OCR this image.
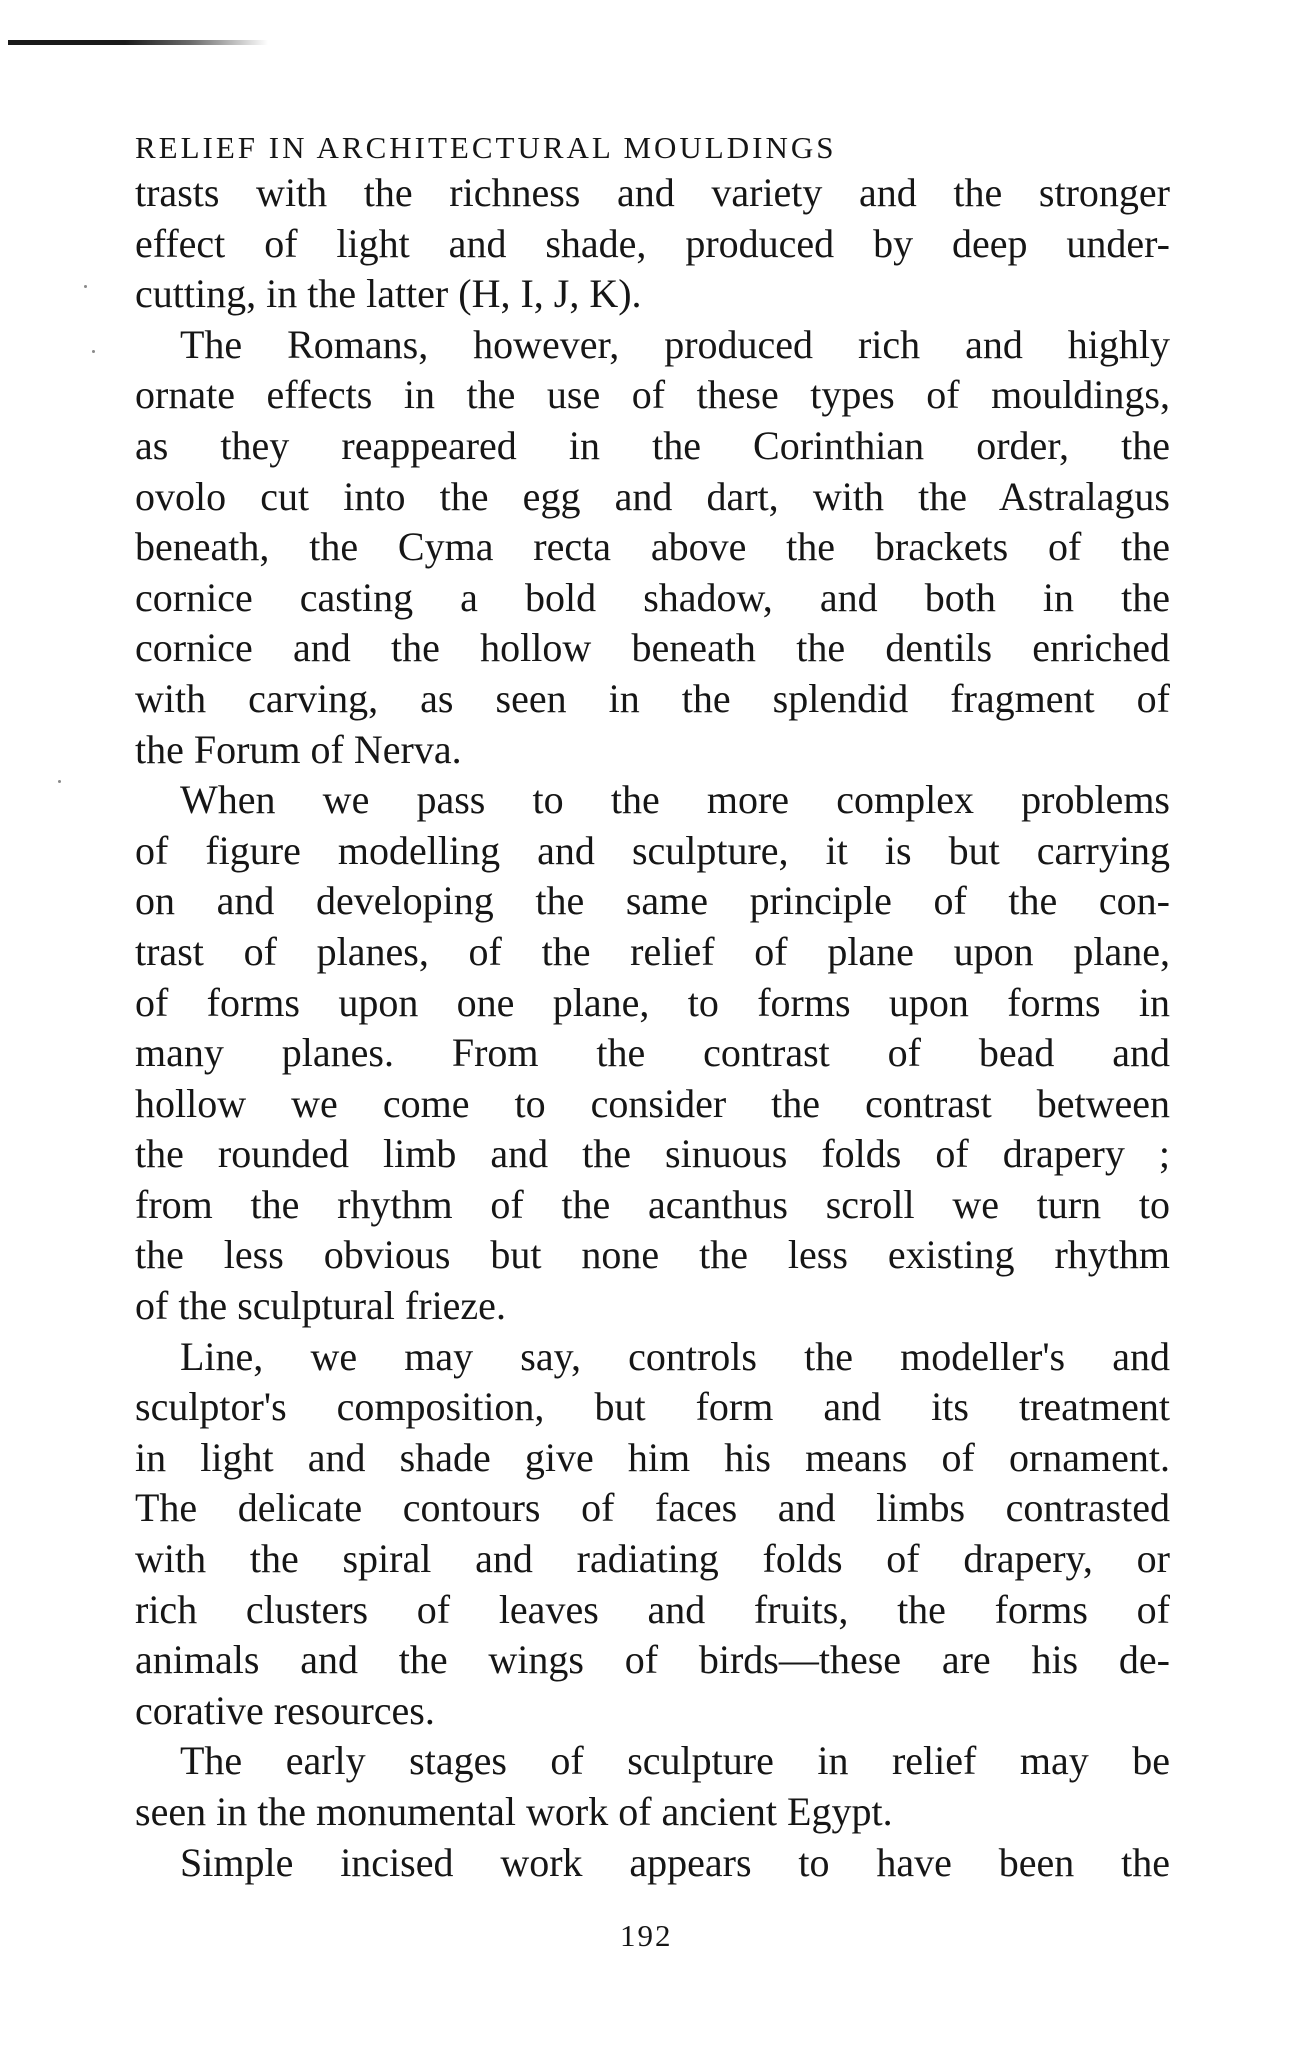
RELIEF IN ARCHITECTURAL MOULDINGS

trasts with the richness and variety and the stronger
effect of light and shade, produced by deep under-
cutting, in the latter (H, I, J, K).

The Romans, however, produced rich and highly
ornate effects in the use of these types of mouldings,
as they reappeared in the Corinthian order, the
ovolo cut into the egg and dart, with the Astralagus
beneath, the Cyma recta above the brackets of the
cornice casting a bold shadow, and both in the
cornice and the hollow beneath the dentils enriched
with carving, as seen in the splendid fragment of
the Forum of Nerva.

When we pass to the more complex problems
of figure modelling and sculpture, it is but carrying
on and developing the same principle of the con-
trast of planes, of the relief of plane upon plane,
of forms upon one plane, to forms upon forms in
many planes. From the contrast of bead and
hollow we come to consider the contrast between
the rounded limb and the sinuous folds of drapery ;
from the rhythm of the acanthus scroll we turn to
the less obvious but none the less existing rhythm
of the sculptural frieze.

Line, we may say, controls the modeller's and
sculptor's composition, but form and its treatment
in light and shade give him his means of ornament.
The delicate contours of faces and limbs contrasted
with the spiral and radiating folds of drapery, or
rich clusters of leaves and fruits, the forms of
animals and the wings of birds—these are his de-
corative resources.

The early stages of sculpture in relief may be
seen in the monumental work of ancient Egypt.

Simple incised work appears to have been the

192
